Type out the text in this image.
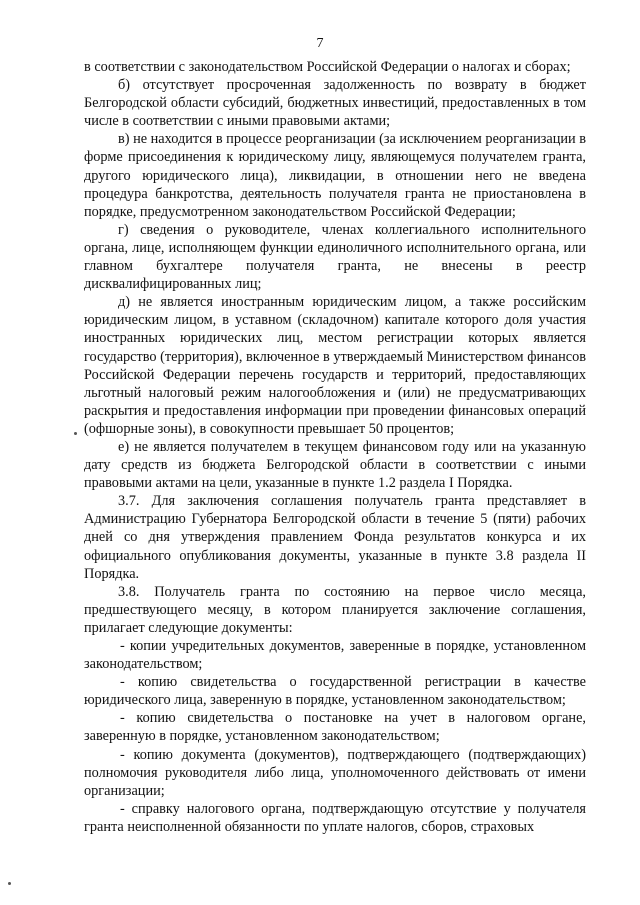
7

в соответствии с законодательством Российской Федерации о налогах и сборах;

б) отсутствует просроченная задолженность по возврату в бюджет Белгородской области субсидий, бюджетных инвестиций, предоставленных в том числе в соответствии с иными правовыми актами;

в) не находится в процессе реорганизации (за исключением реорганизации в форме присоединения к юридическому лицу, являющемуся получателем гранта, другого юридического лица), ликвидации, в отношении него не введена процедура банкротства, деятельность получателя гранта не приостановлена в порядке, предусмотренном законодательством Российской Федерации;

г) сведения о руководителе, членах коллегиального исполнительного органа, лице, исполняющем функции единоличного исполнительного органа, или главном бухгалтере получателя гранта, не внесены в реестр дисквалифицированных лиц;

д) не является иностранным юридическим лицом, а также российским юридическим лицом, в уставном (складочном) капитале которого доля участия иностранных юридических лиц, местом регистрации которых является государство (территория), включенное в утверждаемый Министерством финансов Российской Федерации перечень государств и территорий, предоставляющих льготный налоговый режим налогообложения и (или) не предусматривающих раскрытия и предоставления информации при проведении финансовых операций (офшорные зоны), в совокупности превышает 50 процентов;

е) не является получателем в текущем финансовом году или на указанную дату средств из бюджета Белгородской области в соответствии с иными правовыми актами на цели, указанные в пункте 1.2 раздела I Порядка.

3.7. Для заключения соглашения получатель гранта представляет в Администрацию Губернатора Белгородской области в течение 5 (пяти) рабочих дней со дня утверждения правлением Фонда результатов конкурса и их официального опубликования документы, указанные в пункте 3.8 раздела II Порядка.

3.8. Получатель гранта по состоянию на первое число месяца, предшествующего месяцу, в котором планируется заключение соглашения, прилагает следующие документы:

- копии учредительных документов, заверенные в порядке, установленном законодательством;

- копию свидетельства о государственной регистрации в качестве юридического лица, заверенную в порядке, установленном законодательством;

- копию свидетельства о постановке на учет в налоговом органе, заверенную в порядке, установленном законодательством;

- копию документа (документов), подтверждающего (подтверждающих) полномочия руководителя либо лица, уполномоченного действовать от имени организации;

- справку налогового органа, подтверждающую отсутствие у получателя гранта неисполненной обязанности по уплате налогов, сборов, страховых
